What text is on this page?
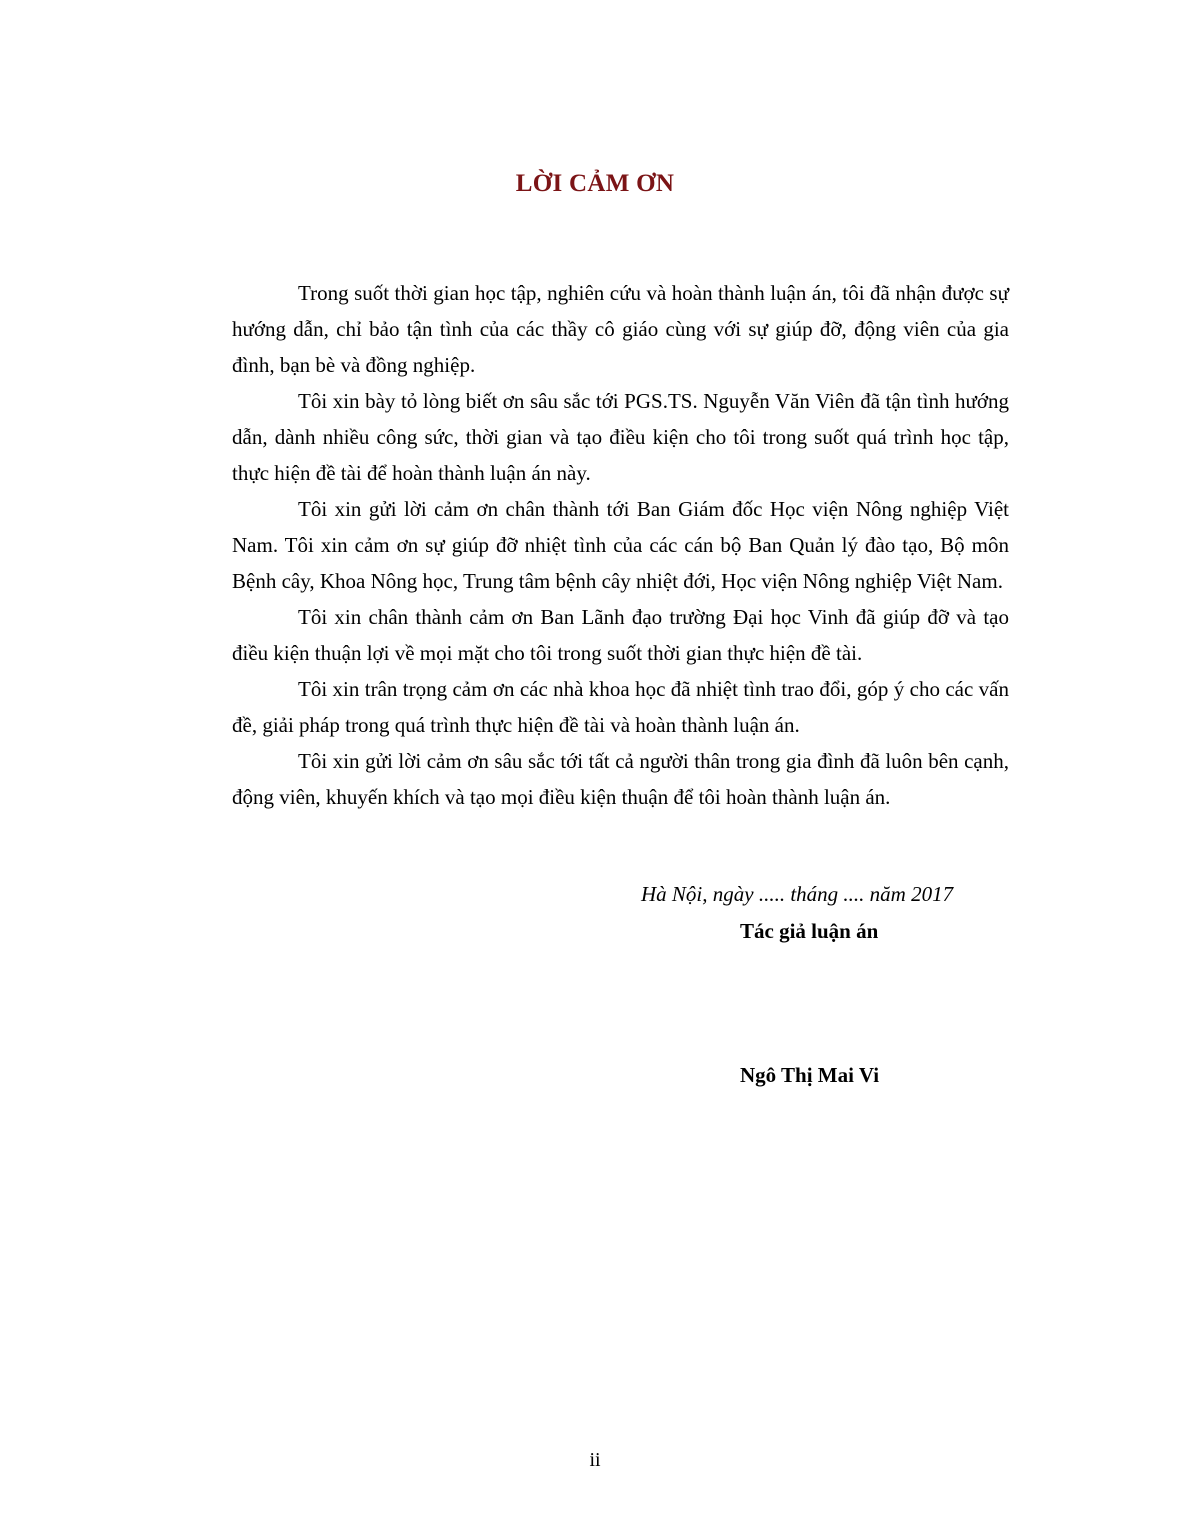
LỜI CẢM ƠN

Trong suốt thời gian học tập, nghiên cứu và hoàn thành luận án, tôi đã nhận được sự hướng dẫn, chỉ bảo tận tình của các thầy cô giáo cùng với sự giúp đỡ, động viên của gia đình, bạn bè và đồng nghiệp.

Tôi xin bày tỏ lòng biết ơn sâu sắc tới PGS.TS. Nguyễn Văn Viên đã tận tình hướng dẫn, dành nhiều công sức, thời gian và tạo điều kiện cho tôi trong suốt quá trình học tập, thực hiện đề tài để hoàn thành luận án này.

Tôi xin gửi lời cảm ơn chân thành tới Ban Giám đốc Học viện Nông nghiệp Việt Nam. Tôi xin cảm ơn sự giúp đỡ nhiệt tình của các cán bộ Ban Quản lý đào tạo, Bộ môn Bệnh cây, Khoa Nông học, Trung tâm bệnh cây nhiệt đới, Học viện Nông nghiệp Việt Nam.

Tôi xin chân thành cảm ơn Ban Lãnh đạo trường Đại học Vinh đã giúp đỡ và tạo điều kiện thuận lợi về mọi mặt cho tôi trong suốt thời gian thực hiện đề tài.

Tôi xin trân trọng cảm ơn các nhà khoa học đã nhiệt tình trao đổi, góp ý cho các vấn đề, giải pháp trong quá trình thực hiện đề tài và hoàn thành luận án.

Tôi xin gửi lời cảm ơn sâu sắc tới tất cả người thân trong gia đình đã luôn bên cạnh, động viên, khuyến khích và tạo mọi điều kiện thuận để tôi hoàn thành luận án.

Hà Nội, ngày ..... tháng .... năm 2017
Tác giả luận án
Ngô Thị Mai Vi
ii
